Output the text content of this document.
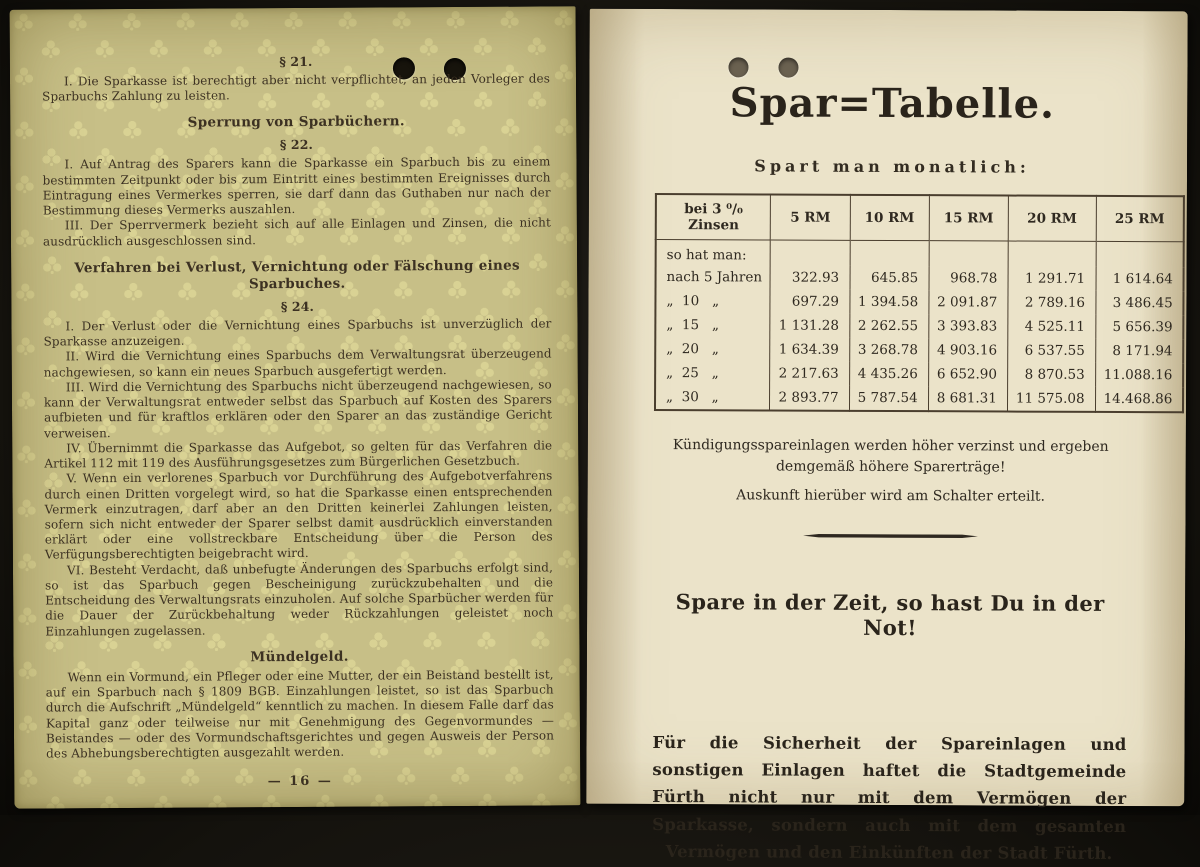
§ 21.

I. Die Sparkasse ist berechtigt aber nicht verpflichtet, an jeden Vorleger des Sparbuchs Zahlung zu leisten.

Sperrung von Sparbüchern.
§ 22.

I. Auf Antrag des Sparers kann die Sparkasse ein Sparbuch bis zu einem bestimmten Zeitpunkt oder bis zum Eintritt eines bestimmten Ereignisses durch Eintragung eines Vermerkes sperren, sie darf dann das Guthaben nur nach der Bestimmung dieses Vermerks auszahlen.

III. Der Sperrvermerk bezieht sich auf alle Einlagen und Zinsen, die nicht ausdrücklich ausgeschlossen sind.

Verfahren bei Verlust, Vernichtung oder Fälschung eines Sparbuches.
§ 24.

I. Der Verlust oder die Vernichtung eines Sparbuchs ist unverzüglich der Sparkasse anzuzeigen.

II. Wird die Vernichtung eines Sparbuchs dem Verwaltungsrat überzeugend nachgewiesen, so kann ein neues Sparbuch ausgefertigt werden.

III. Wird die Vernichtung des Sparbuchs nicht überzeugend nachgewiesen, so kann der Verwaltungsrat entweder selbst das Sparbuch auf Kosten des Sparers aufbieten und für kraftlos erklären oder den Sparer an das zuständige Gericht verweisen.

IV. Übernimmt die Sparkasse das Aufgebot, so gelten für das Verfahren die Artikel 112 mit 119 des Ausführungsgesetzes zum Bürgerlichen Gesetzbuch.

V. Wenn ein verlorenes Sparbuch vor Durchführung des Aufgebotverfahrens durch einen Dritten vorgelegt wird, so hat die Sparkasse einen entsprechenden Vermerk einzutragen, darf aber an den Dritten keinerlei Zahlungen leisten, sofern sich nicht entweder der Sparer selbst damit ausdrücklich einverstanden erklärt oder eine vollstreckbare Entscheidung über die Person des Verfügungsberechtigten beigebracht wird.

VI. Besteht Verdacht, daß unbefugte Änderungen des Sparbuchs erfolgt sind, so ist das Sparbuch gegen Bescheinigung zurückzubehalten und die Entscheidung des Verwaltungsrats einzuholen. Auf solche Sparbücher werden für die Dauer der Zurückbehaltung weder Rückzahlungen geleistet noch Einzahlungen zugelassen.

Mündelgeld.

Wenn ein Vormund, ein Pfleger oder eine Mutter, der ein Beistand bestellt ist, auf ein Sparbuch nach § 1809 BGB. Einzahlungen leistet, so ist das Sparbuch durch die Aufschrift „Mündelgeld“ kenntlich zu machen. In diesem Falle darf das Kapital ganz oder teilweise nur mit Genehmigung des Gegenvormundes — Beistandes — oder des Vormundschaftsgerichtes und gegen Ausweis der Person des Abhebungsberechtigten ausgezahlt werden.

— 16 —
Spar=Tabelle.
Spart man monatlich:
bei 3 ⁰/₀ Zinsen	5 RM	10 RM	15 RM	20 RM	25 RM
so hat man:					
nach 5 Jahren	322.93	645.85	968.78	1 291.71	1 614.64
„  10   „	697.29	1 394.58	2 091.87	2 789.16	3 486.45
„  15   „	1 131.28	2 262.55	3 393.83	4 525.11	5 656.39
„  20   „	1 634.39	3 268.78	4 903.16	6 537.55	8 171.94
„  25   „	2 217.63	4 435.26	6 652.90	8 870.53	11.088.16
„  30   „	2 893.77	5 787.54	8 681.31	11 575.08	14.468.86
Kündigungsspareinlagen werden höher verzinst und ergeben demgemäß höhere Sparerträge!
Auskunft hierüber wird am Schalter erteilt.
Spare in der Zeit, so hast Du in der Not!
Für die Sicherheit der Spareinlagen und sonstigen Einlagen haftet die Stadtgemeinde Fürth nicht nur mit dem Vermögen der Sparkasse, sondern auch mit dem gesamten Vermögen und den Einkünften der Stadt Fürth.
